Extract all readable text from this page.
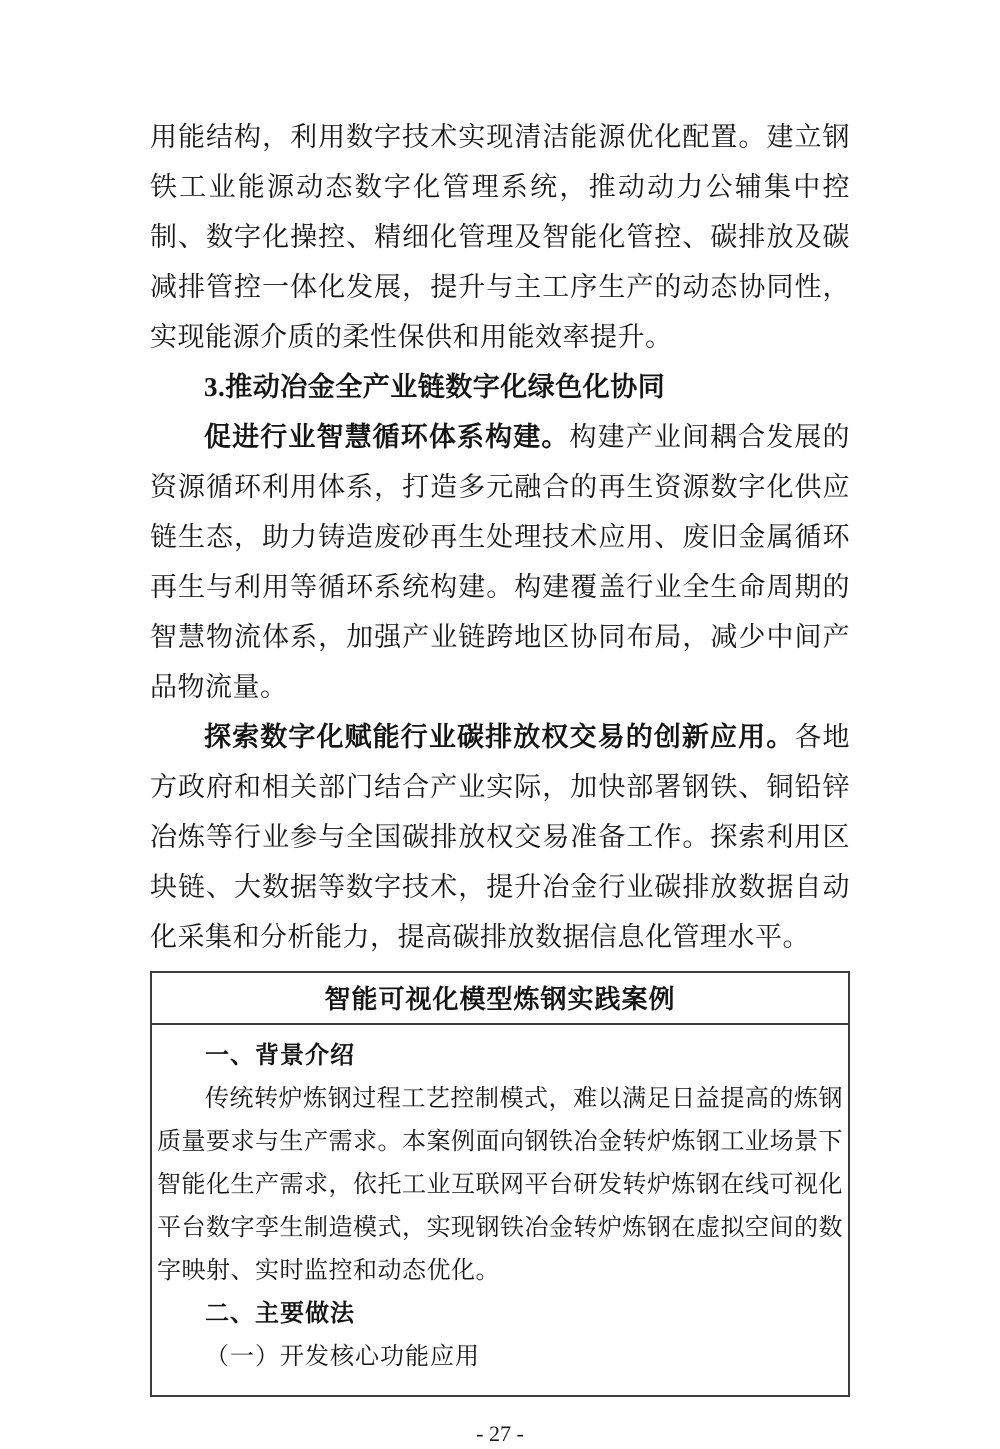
用能结构，利用数字技术实现清洁能源优化配置。建立钢铁工业能源动态数字化管理系统，推动动力公辅集中控制、数字化操控、精细化管理及智能化管控、碳排放及碳减排管控一体化发展，提升与主工序生产的动态协同性，实现能源介质的柔性保供和用能效率提升。

3.推动冶金全产业链数字化绿色化协同

促进行业智慧循环体系构建。构建产业间耦合发展的资源循环利用体系，打造多元融合的再生资源数字化供应链生态，助力铸造废砂再生处理技术应用、废旧金属循环再生与利用等循环系统构建。构建覆盖行业全生命周期的智慧物流体系，加强产业链跨地区协同布局，减少中间产品物流量。

探索数字化赋能行业碳排放权交易的创新应用。各地方政府和相关部门结合产业实际，加快部署钢铁、铜铅锌冶炼等行业参与全国碳排放权交易准备工作。探索利用区块链、大数据等数字技术，提升冶金行业碳排放数据自动化采集和分析能力，提高碳排放数据信息化管理水平。

智能可视化模型炼钢实践案例

一、背景介绍

传统转炉炼钢过程工艺控制模式，难以满足日益提高的炼钢质量要求与生产需求。本案例面向钢铁冶金转炉炼钢工业场景下智能化生产需求，依托工业互联网平台研发转炉炼钢在线可视化平台数字孪生制造模式，实现钢铁冶金转炉炼钢在虚拟空间的数字映射、实时监控和动态优化。

二、主要做法

（一）开发核心功能应用

- 27 -
